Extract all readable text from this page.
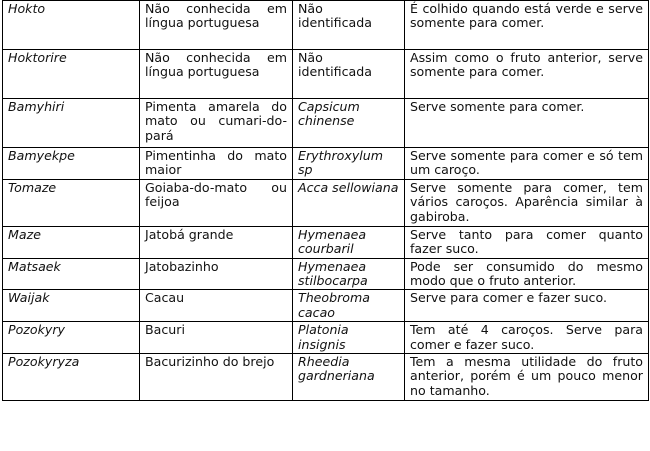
Hokto	Não conhecida em língua portuguesa	Não identificada	É colhido quando está verde e serve somente para comer.
Hoktorire	Não conhecida em língua portuguesa	Não identificada	Assim como o fruto anterior, serve somente para comer.
Bamyhiri	Pimenta amarela do mato ou cumari-do-pará	Capsicum chinense	Serve somente para comer.
Bamyekpe	Pimentinha do mato maior	Erythroxylum sp	Serve somente para comer e só tem um caroço.
Tomaze	Goiaba-do-mato ou feijoa	Acca sellowiana	Serve somente para comer, tem vários caroços. Aparência similar à gabiroba.
Maze	Jatobá grande	Hymenaea courbaril	Serve tanto para comer quanto fazer suco.
Matsaek	Jatobazinho	Hymenaea stilbocarpa	Pode ser consumido do mesmo modo que o fruto anterior.
Waijak	Cacau	Theobroma cacao	Serve para comer e fazer suco.
Pozokyry	Bacuri	Platonia insignis	Tem até 4 caroços. Serve para comer e fazer suco.
Pozokyryza	Bacurizinho do brejo	Rheedia gardneriana	Tem a mesma utilidade do fruto anterior, porém é um pouco menor no tamanho.
